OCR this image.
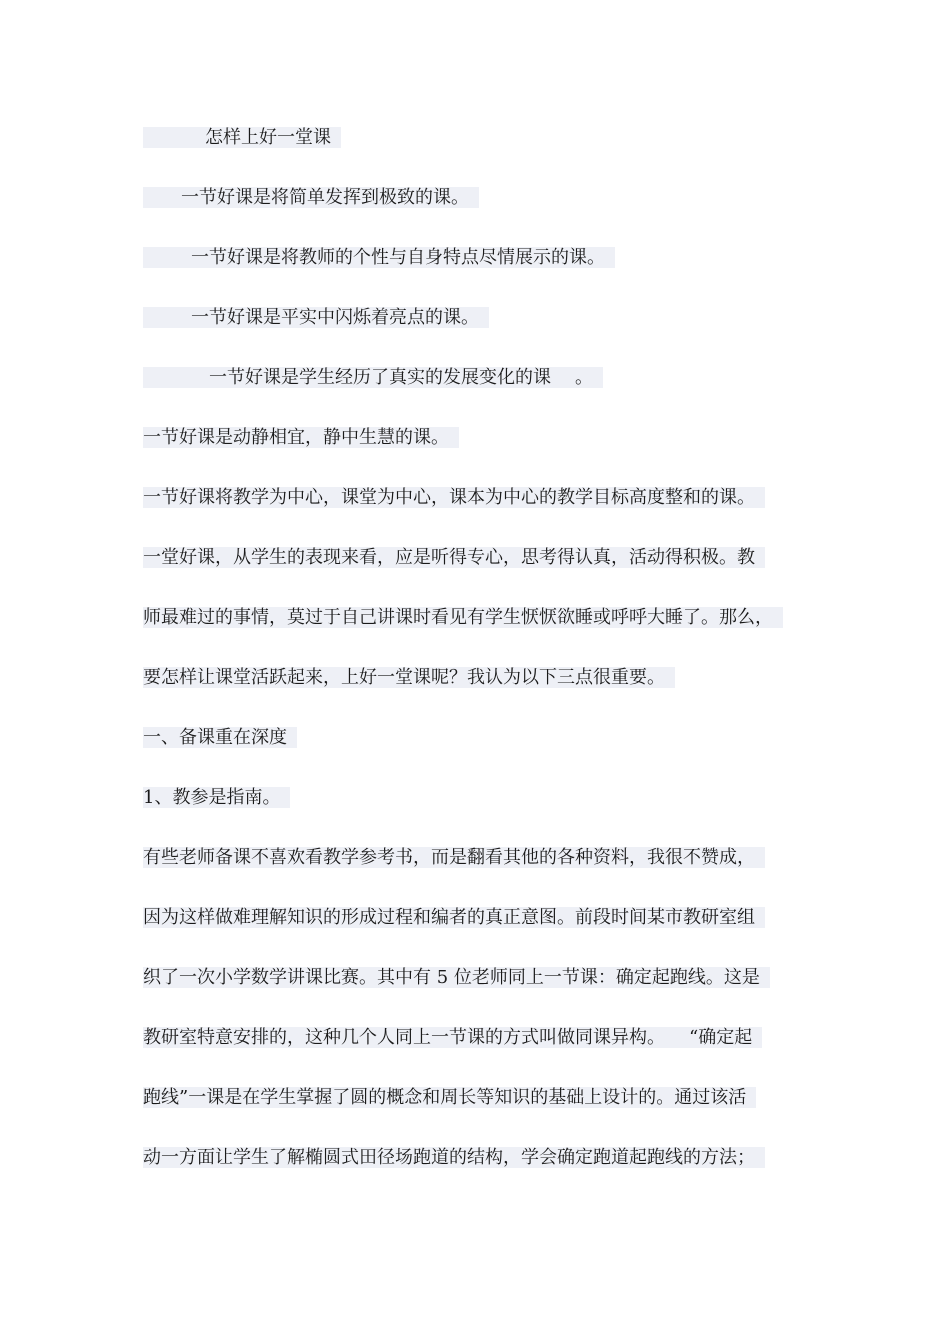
怎样上好一堂课
一节好课是将简单发挥到极致的课。
一节好课是将教师的个性与自身特点尽情展示的课。
一节好课是平实中闪烁着亮点的课。
一节好课是学生经历了真实的发展变化的课 。
一节好课是动静相宜，静中生慧的课。
一节好课将教学为中心，课堂为中心，课本为中心的教学目标高度整和的课。
一堂好课，从学生的表现来看，应是听得专心，思考得认真，活动得积极。教
师最难过的事情，莫过于自己讲课时看见有学生恹恹欲睡或呼呼大睡了。那么，
要怎样让课堂活跃起来，上好一堂课呢？我认为以下三点很重要。
一、备课重在深度
1、教参是指南。
有些老师备课不喜欢看教学参考书，而是翻看其他的各种资料，我很不赞成，
因为这样做难理解知识的形成过程和编者的真正意图。前段时间某市教研室组
织了一次小学数学讲课比赛。其中有 5 位老师同上一节课：确定起跑线。这是
教研室特意安排的，这种几个人同上一节课的方式叫做同课异构。 “确定起
跑线”一课是在学生掌握了圆的概念和周长等知识的基础上设计的。通过该活
动一方面让学生了解椭圆式田径场跑道的结构，学会确定跑道起跑线的方法；
